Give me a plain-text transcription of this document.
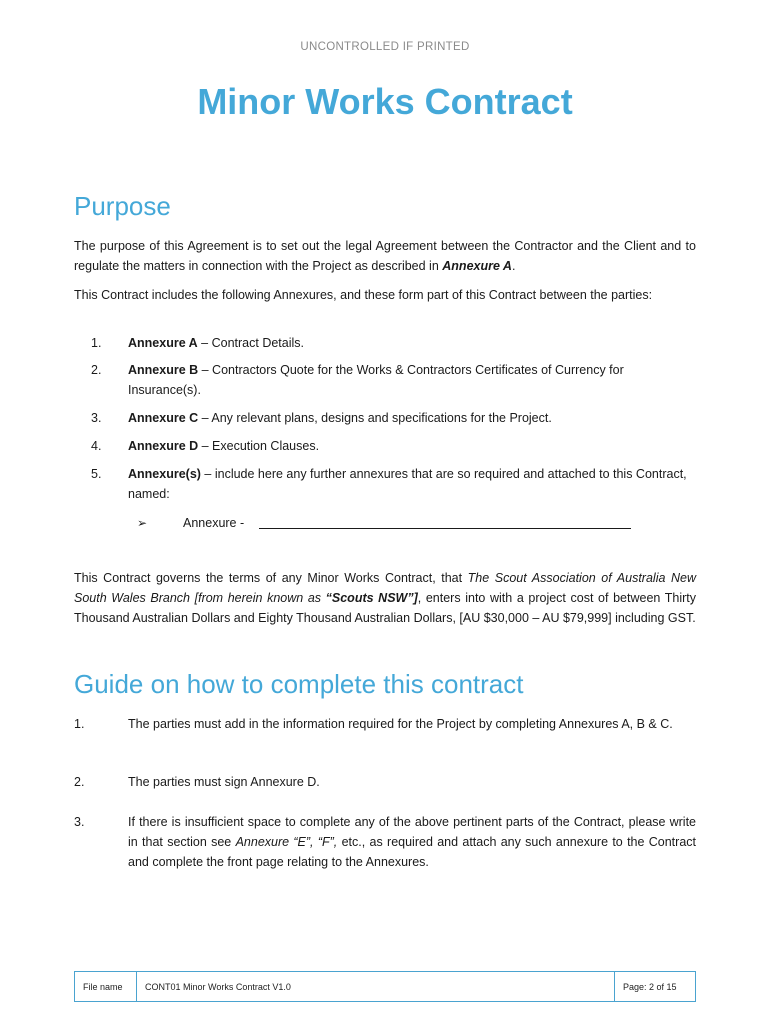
UNCONTROLLED IF PRINTED
Minor Works Contract
Purpose
The purpose of this Agreement is to set out the legal Agreement between the Contractor and the Client and to regulate the matters in connection with the Project as described in Annexure A.
This Contract includes the following Annexures, and these form part of this Contract between the parties:
1.	Annexure A – Contract Details.
2.	Annexure B – Contractors Quote for the Works & Contractors Certificates of Currency for Insurance(s).
3.	Annexure C – Any relevant plans, designs and specifications for the Project.
4.	Annexure D – Execution Clauses.
5.	Annexure(s) – include here any further annexures that are so required and attached to this Contract, named:
➢	Annexure -
This Contract governs the terms of any Minor Works Contract, that The Scout Association of Australia New South Wales Branch [from herein known as “Scouts NSW”], enters into with a project cost of between Thirty Thousand Australian Dollars and Eighty Thousand Australian Dollars, [AU $30,000 – AU $79,999] including GST.
Guide on how to complete this contract
1.	The parties must add in the information required for the Project by completing Annexures A, B & C.
2.	The parties must sign Annexure D.
3.	If there is insufficient space to complete any of the above pertinent parts of the Contract, please write in that section see Annexure “E”, “F”, etc., as required and attach any such annexure to the Contract and complete the front page relating to the Annexures.
File name	CONT01 Minor Works Contract V1.0	Page: 2 of 15
